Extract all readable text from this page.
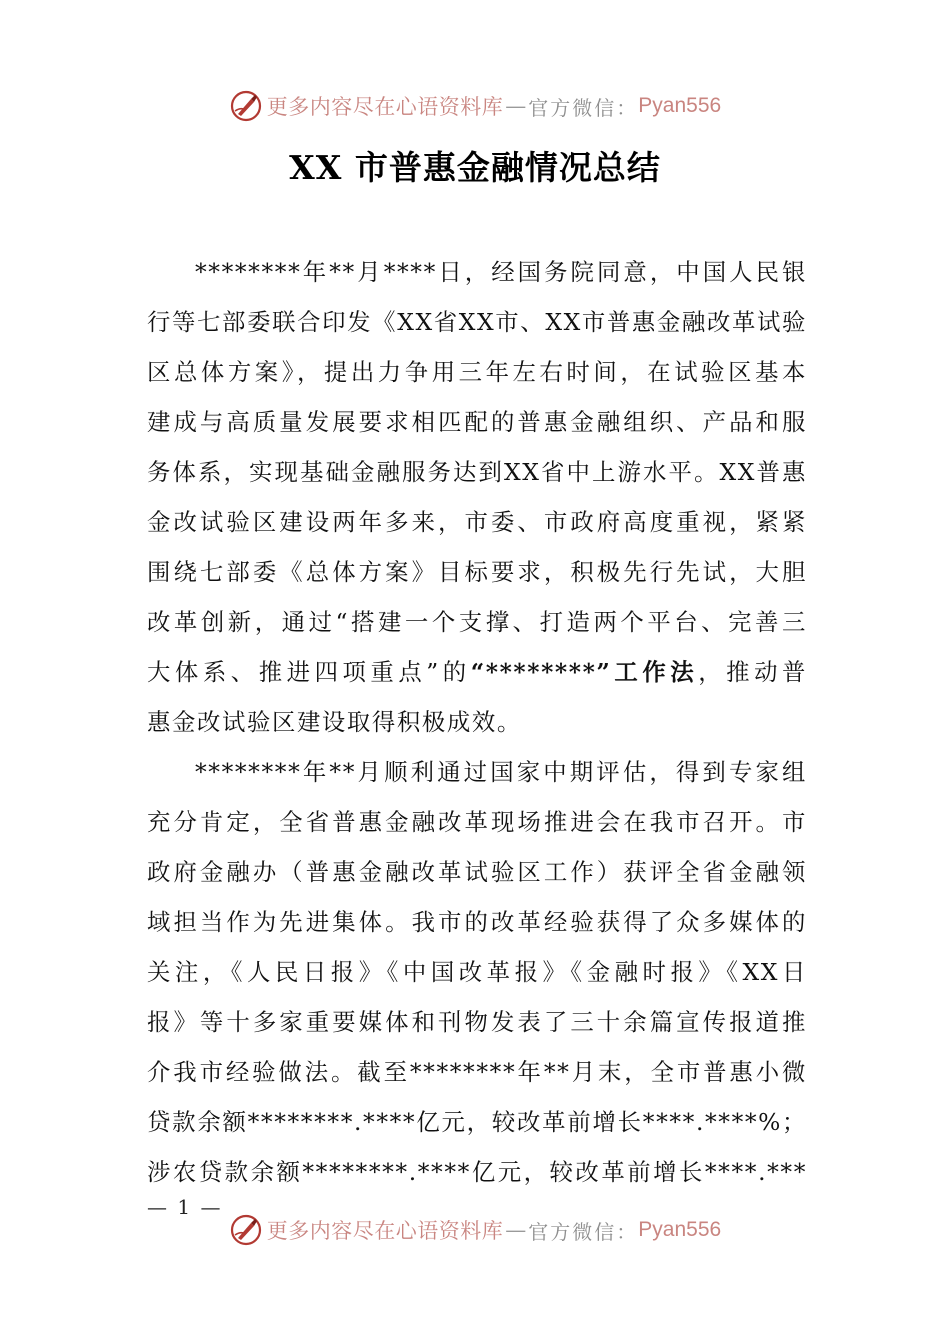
更多内容尽在心语资料库 — 官方微信： Pyan556
XX 市普惠金融情况总结
********年**月****日，经国务院同意，中国人民银
行等七部委联合印发《XX省XX市、XX市普惠金融改革试验
区总体方案》，提出力争用三年左右时间，在试验区基本
建成与高质量发展要求相匹配的普惠金融组织、产品和服
务体系，实现基础金融服务达到XX省中上游水平。XX普惠
金改试验区建设两年多来，市委、市政府高度重视，紧紧
围绕七部委《总体方案》目标要求，积极先行先试，大胆
改革创新，通过“搭建一个支撑、打造两个平台、完善三
大体系、推进四项重点”的“********”工作法，推动普
惠金改试验区建设取得积极成效。
********年**月顺利通过国家中期评估，得到专家组
充分肯定，全省普惠金融改革现场推进会在我市召开。市
政府金融办（普惠金融改革试验区工作）获评全省金融领
域担当作为先进集体。我市的改革经验获得了众多媒体的
关注，《人民日报》《中国改革报》《金融时报》《XX日
报》等十多家重要媒体和刊物发表了三十余篇宣传报道推
介我市经验做法。截至********年**月末，全市普惠小微
贷款余额********.****亿元，较改革前增长****.****%；
涉农贷款余额********.****亿元，较改革前增长****.***
— 1 —
更多内容尽在心语资料库 — 官方微信： Pyan556
